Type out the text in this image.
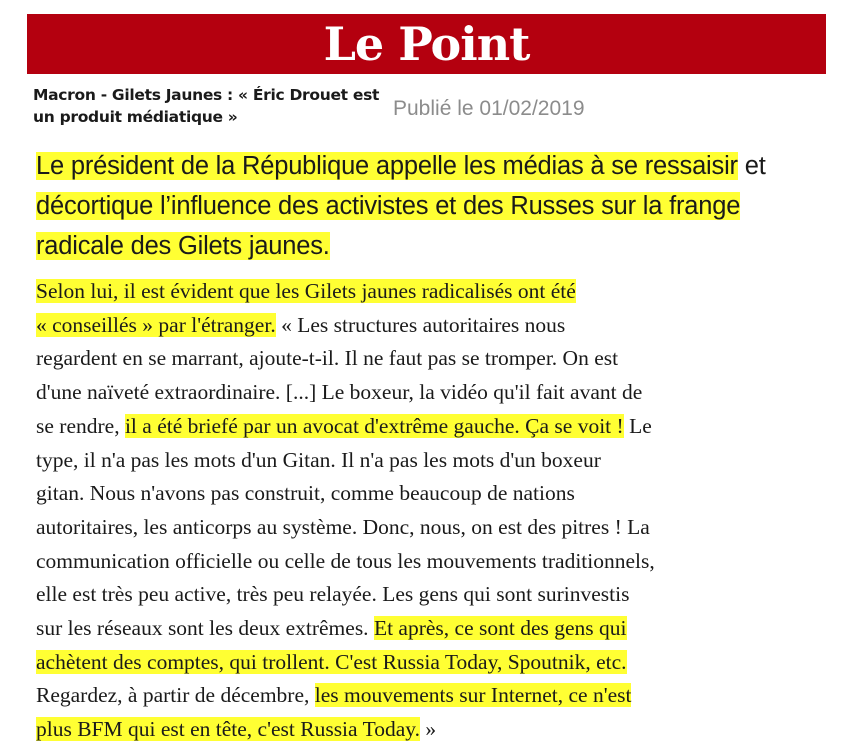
Le Point
Macron - Gilets Jaunes : « Éric Drouet est un produit médiatique »	Publié le 01/02/2019
Le président de la République appelle les médias à se ressaisir et
décortique l’influence des activistes et des Russes sur la frange
radicale des Gilets jaunes.
Selon lui, il est évident que les Gilets jaunes radicalisés ont été
« conseillés » par l'étranger. « Les structures autoritaires nous
regardent en se marrant, ajoute-t-il. Il ne faut pas se tromper. On est
d'une naïveté extraordinaire. [...] Le boxeur, la vidéo qu'il fait avant de
se rendre, il a été briefé par un avocat d'extrême gauche. Ça se voit ! Le
type, il n'a pas les mots d'un Gitan. Il n'a pas les mots d'un boxeur
gitan. Nous n'avons pas construit, comme beaucoup de nations
autoritaires, les anticorps au système. Donc, nous, on est des pitres ! La
communication officielle ou celle de tous les mouvements traditionnels,
elle est très peu active, très peu relayée. Les gens qui sont surinvestis
sur les réseaux sont les deux extrêmes. Et après, ce sont des gens qui
achètent des comptes, qui trollent. C'est Russia Today, Spoutnik, etc.
Regardez, à partir de décembre, les mouvements sur Internet, ce n'est
plus BFM qui est en tête, c'est Russia Today. »
